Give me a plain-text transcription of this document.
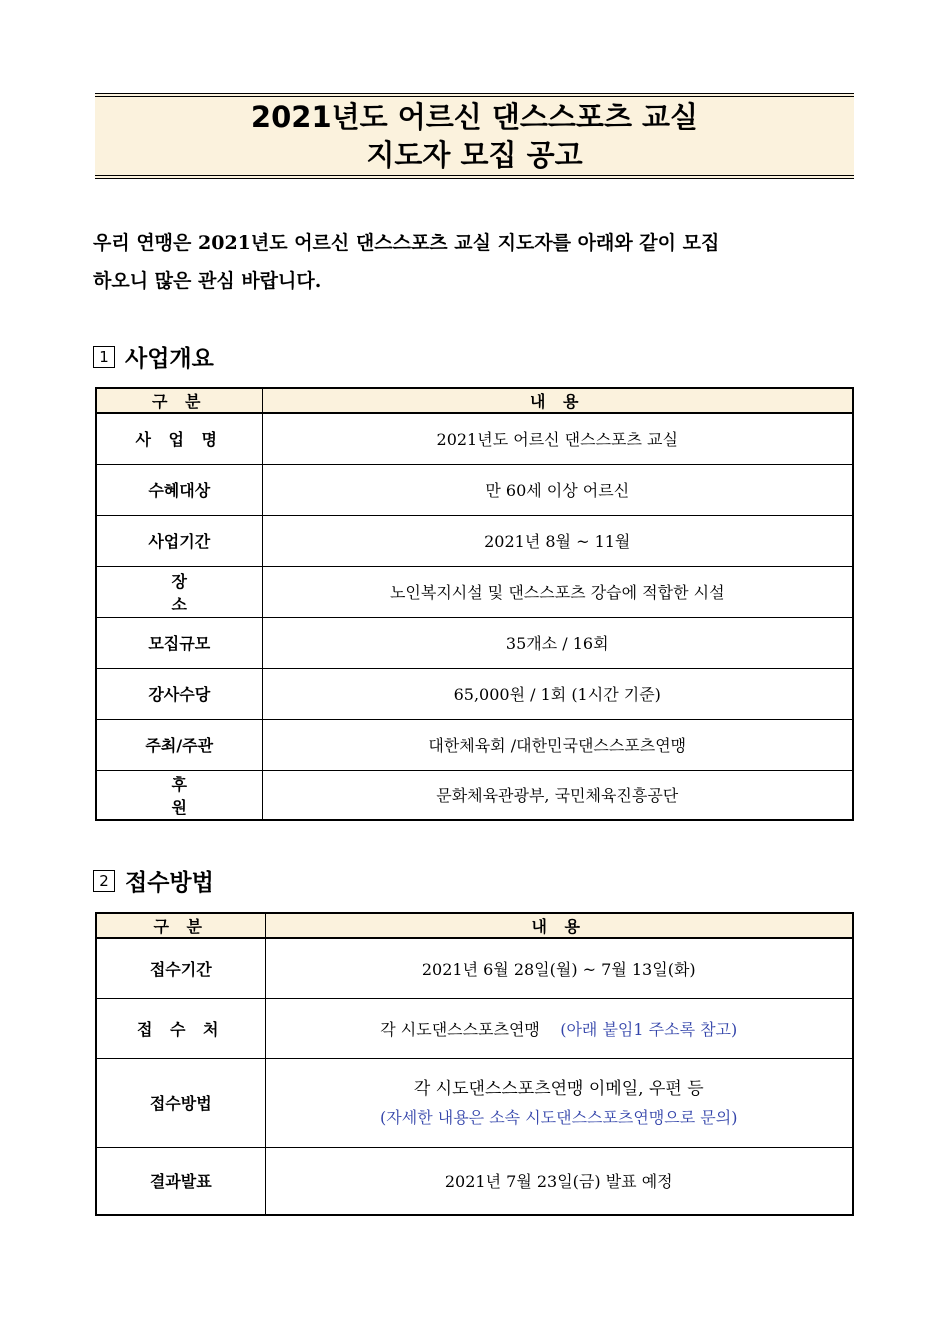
2021년도 어르신 댄스스포츠 교실
지도자 모집 공고
우리 연맹은 2021년도 어르신 댄스스포츠 교실 지도자를 아래와 같이 모집
하오니 많은 관심 바랍니다.
1 사업개요
구 분	내 용
사 업 명	2021년도 어르신 댄스스포츠 교실
수혜대상	만 60세 이상 어르신
사업기간	2021년 8월 ~ 11월
장 소	노인복지시설 및 댄스스포츠 강습에 적합한 시설
모집규모	35개소 / 16회
강사수당	65,000원 / 1회 (1시간 기준)
주최/주관	대한체육회 /대한민국댄스스포츠연맹
후 원	문화체육관광부, 국민체육진흥공단
2 접수방법
구 분	내 용
접수기간	2021년 6월 28일(월) ~ 7월 13일(화)
접 수 처	각 시도댄스스포츠연맹 (아래 붙임1 주소록 참고)
접수방법	각 시도댄스스포츠연맹 이메일, 우편 등
(자세한 내용은 소속 시도댄스스포츠연맹으로 문의)

결과발표	2021년 7월 23일(금) 발표 예정
